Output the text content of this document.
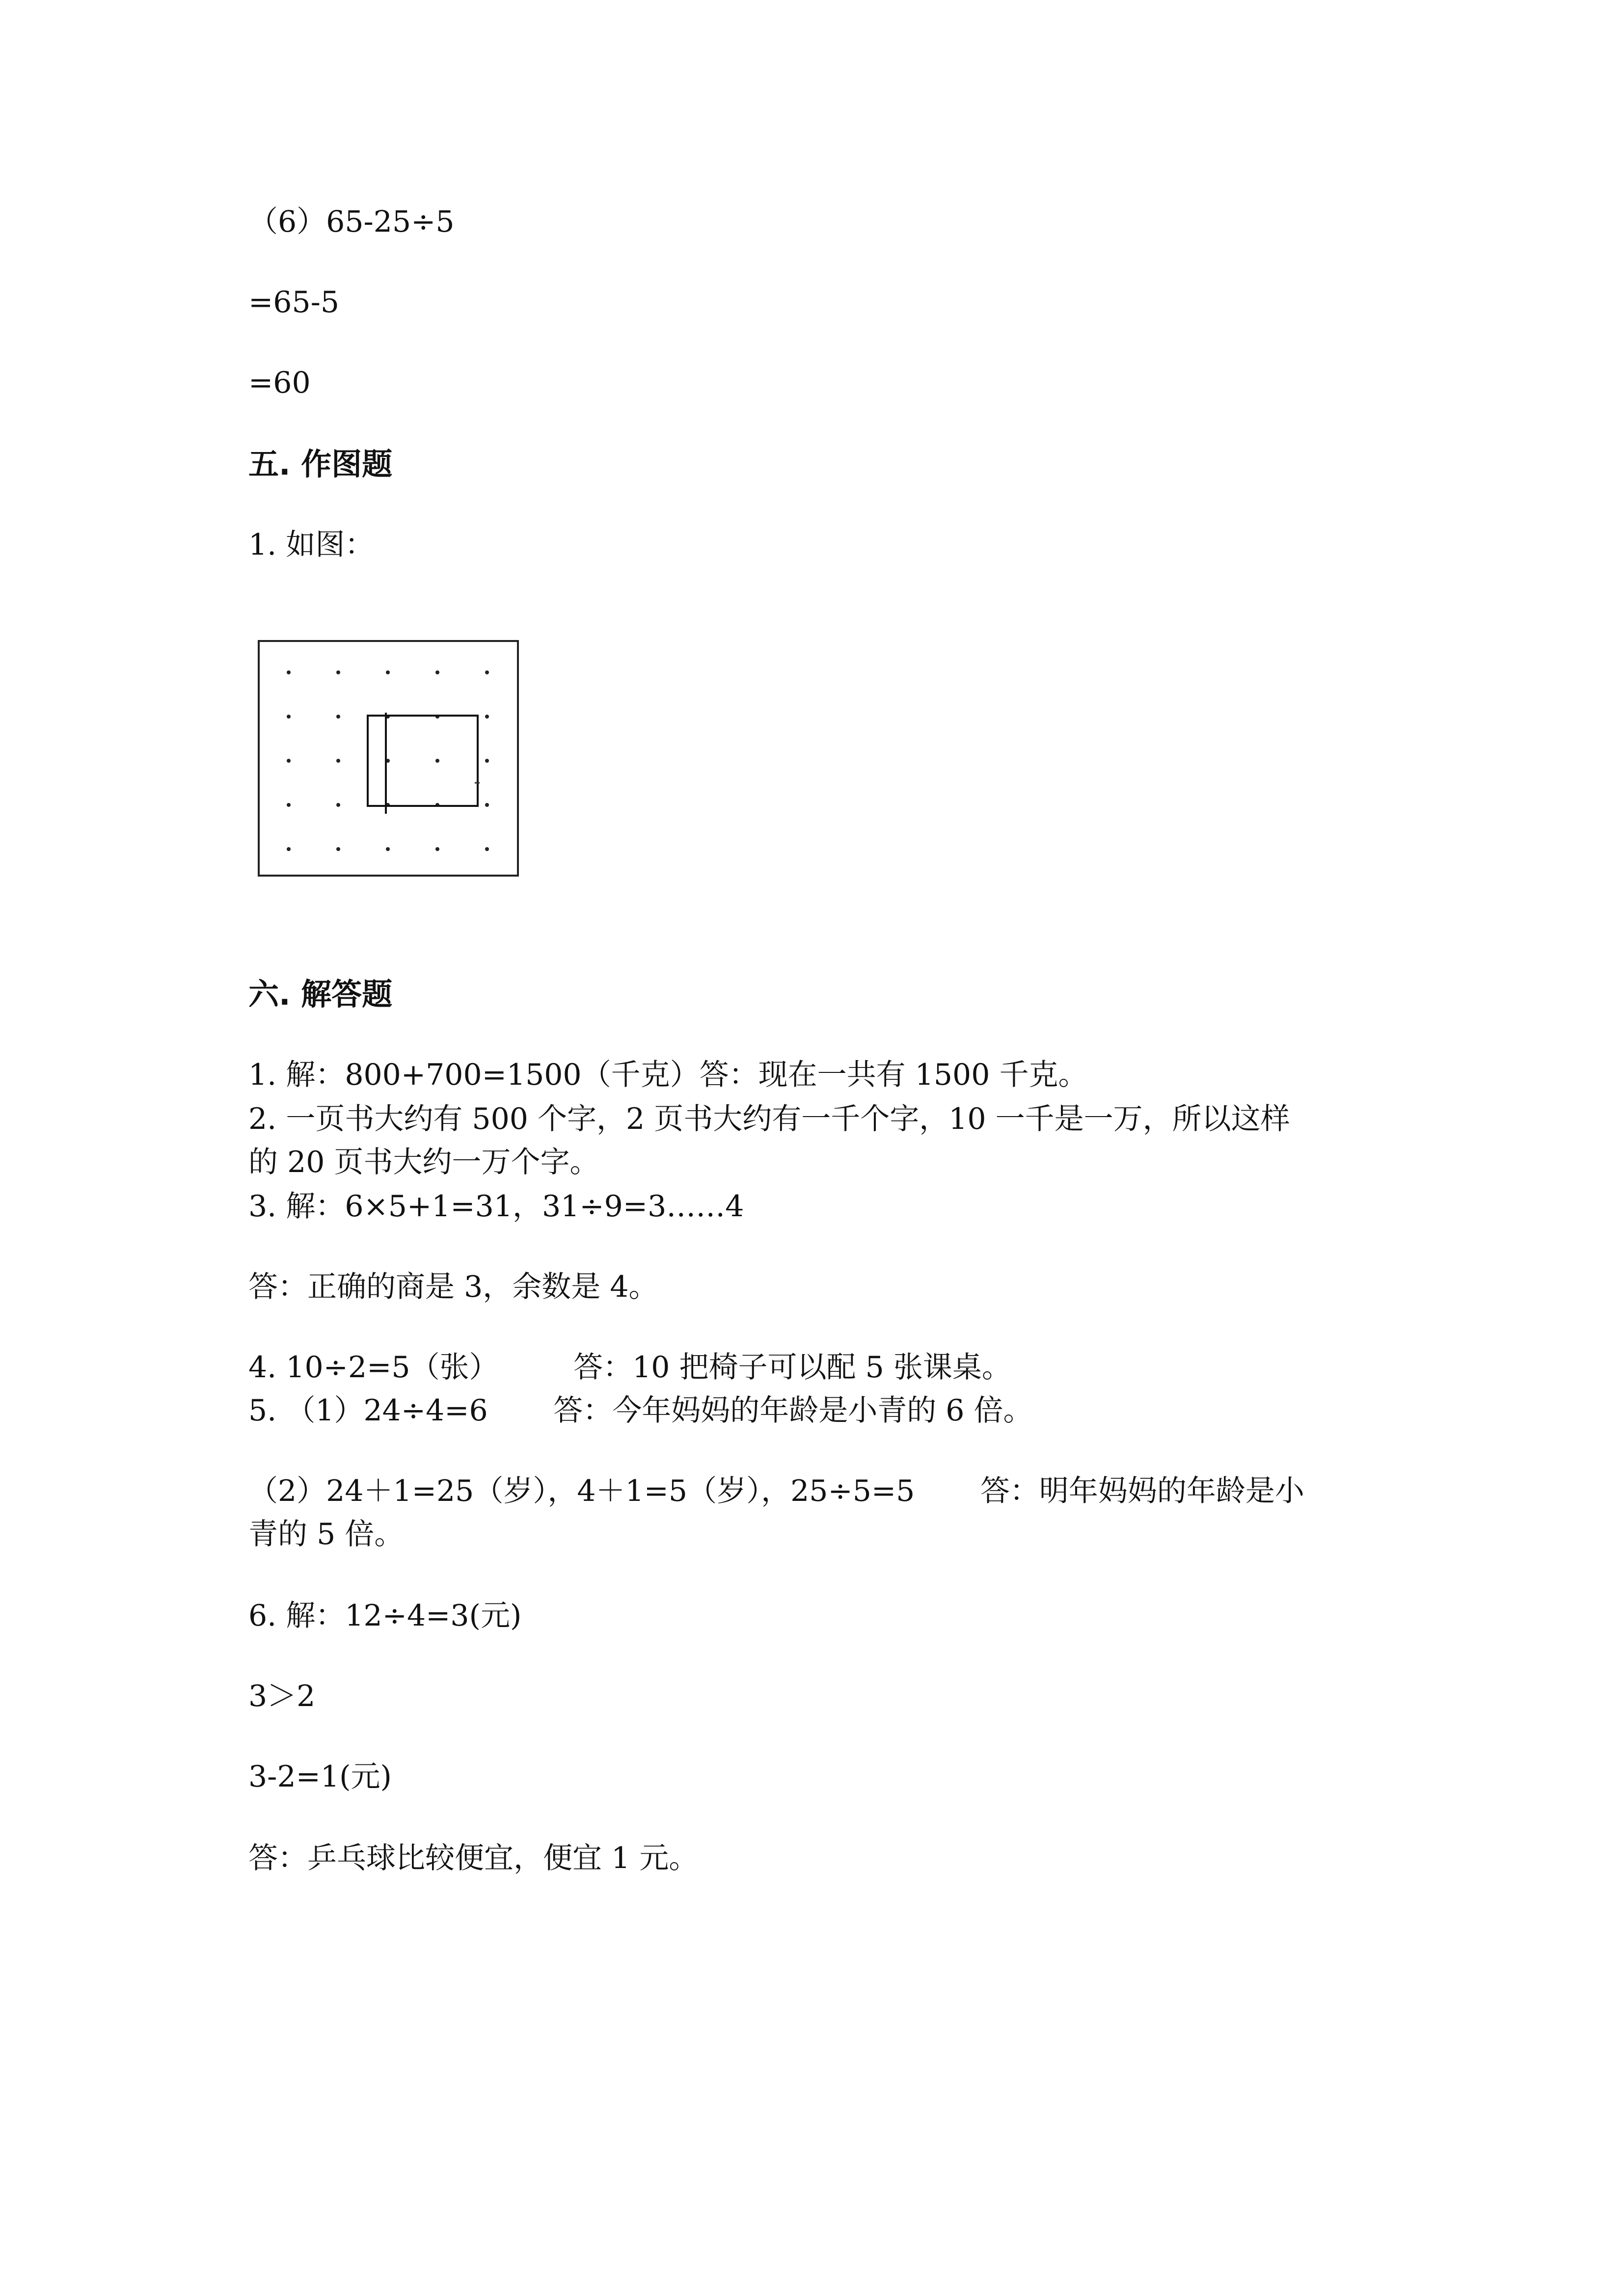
（6）65-25÷5
=65-5
=60
五. 作图题
1. 如图：
六. 解答题
1. 解：800+700=1500（千克）答：现在一共有 1500 千克。
2. 一页书大约有 500 个字，2 页书大约有一千个字，10 一千是一万，所以这样
的 20 页书大约一万个字。
3. 解：6×5+1=31，31÷9=3……4
答：正确的商是 3，余数是 4。
4. 10÷2=5（张）        答：10 把椅子可以配 5 张课桌。
5. （1）24÷4=6       答：今年妈妈的年龄是小青的 6 倍。
（2）24＋1=25（岁），4＋1=5（岁），25÷5=5       答：明年妈妈的年龄是小
青的 5 倍。
6. 解：12÷4=3(元)
3＞2
3-2=1(元)
答：乒乓球比较便宜，便宜 1 元。
